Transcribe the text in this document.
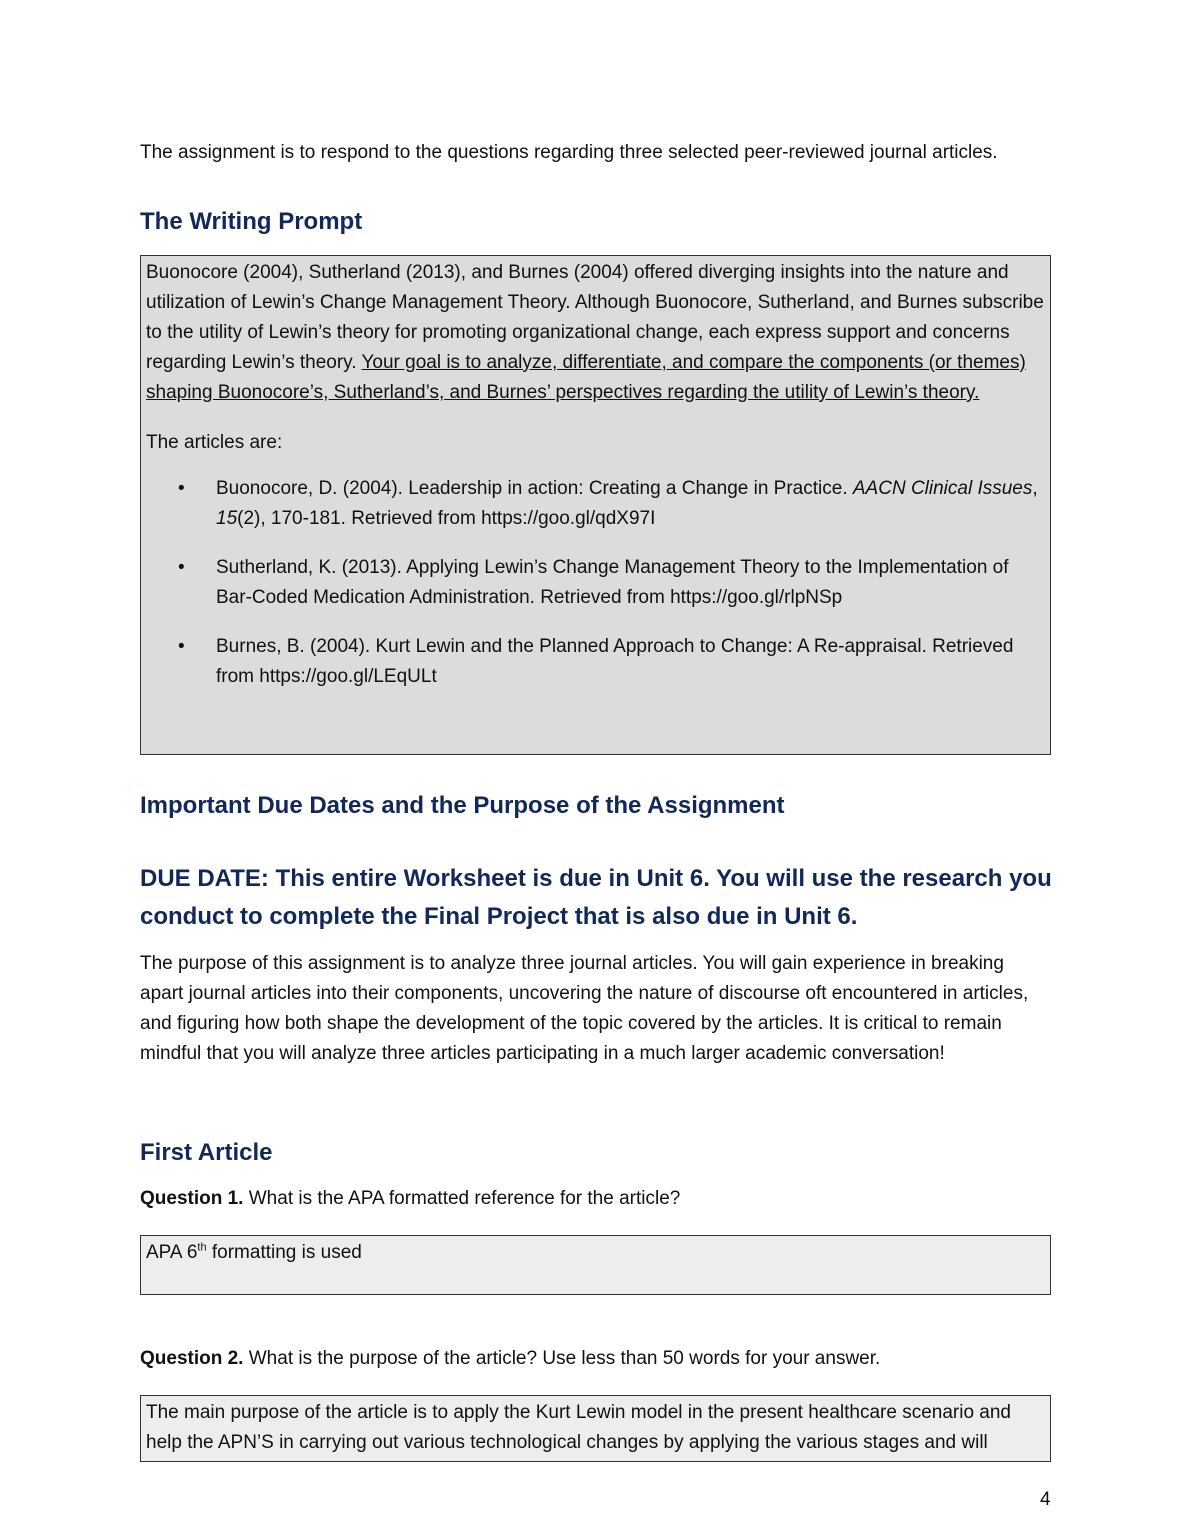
The assignment is to respond to the questions regarding three selected peer-reviewed journal articles.

The Writing Prompt

Buonocore (2004), Sutherland (2013), and Burnes (2004) offered diverging insights into the nature and utilization of Lewin’s Change Management Theory. Although Buonocore, Sutherland, and Burnes subscribe to the utility of Lewin’s theory for promoting organizational change, each express support and concerns regarding Lewin’s theory. Your goal is to analyze, differentiate, and compare the components (or themes) shaping Buonocore’s, Sutherland’s, and Burnes’ perspectives regarding the utility of Lewin’s theory.

The articles are:

• Buonocore, D. (2004). Leadership in action: Creating a Change in Practice. AACN Clinical Issues, 15(2), 170-181. Retrieved from https://goo.gl/qdX97I
• Sutherland, K. (2013). Applying Lewin’s Change Management Theory to the Implementation of Bar-Coded Medication Administration. Retrieved from https://goo.gl/rlpNSp
• Burnes, B. (2004). Kurt Lewin and the Planned Approach to Change: A Re-appraisal. Retrieved from https://goo.gl/LEqULt
Important Due Dates and the Purpose of the Assignment
DUE DATE: This entire Worksheet is due in Unit 6. You will use the research you conduct to complete the Final Project that is also due in Unit 6.

The purpose of this assignment is to analyze three journal articles. You will gain experience in breaking apart journal articles into their components, uncovering the nature of discourse oft encountered in articles, and figuring how both shape the development of the topic covered by the articles. It is critical to remain mindful that you will analyze three articles participating in a much larger academic conversation!

First Article

Question 1. What is the APA formatted reference for the article?

APA 6th formatting is used

Question 2. What is the purpose of the article? Use less than 50 words for your answer.

The main purpose of the article is to apply the Kurt Lewin model in the present healthcare scenario and help the APN’S in carrying out various technological changes by applying the various stages and will

4
